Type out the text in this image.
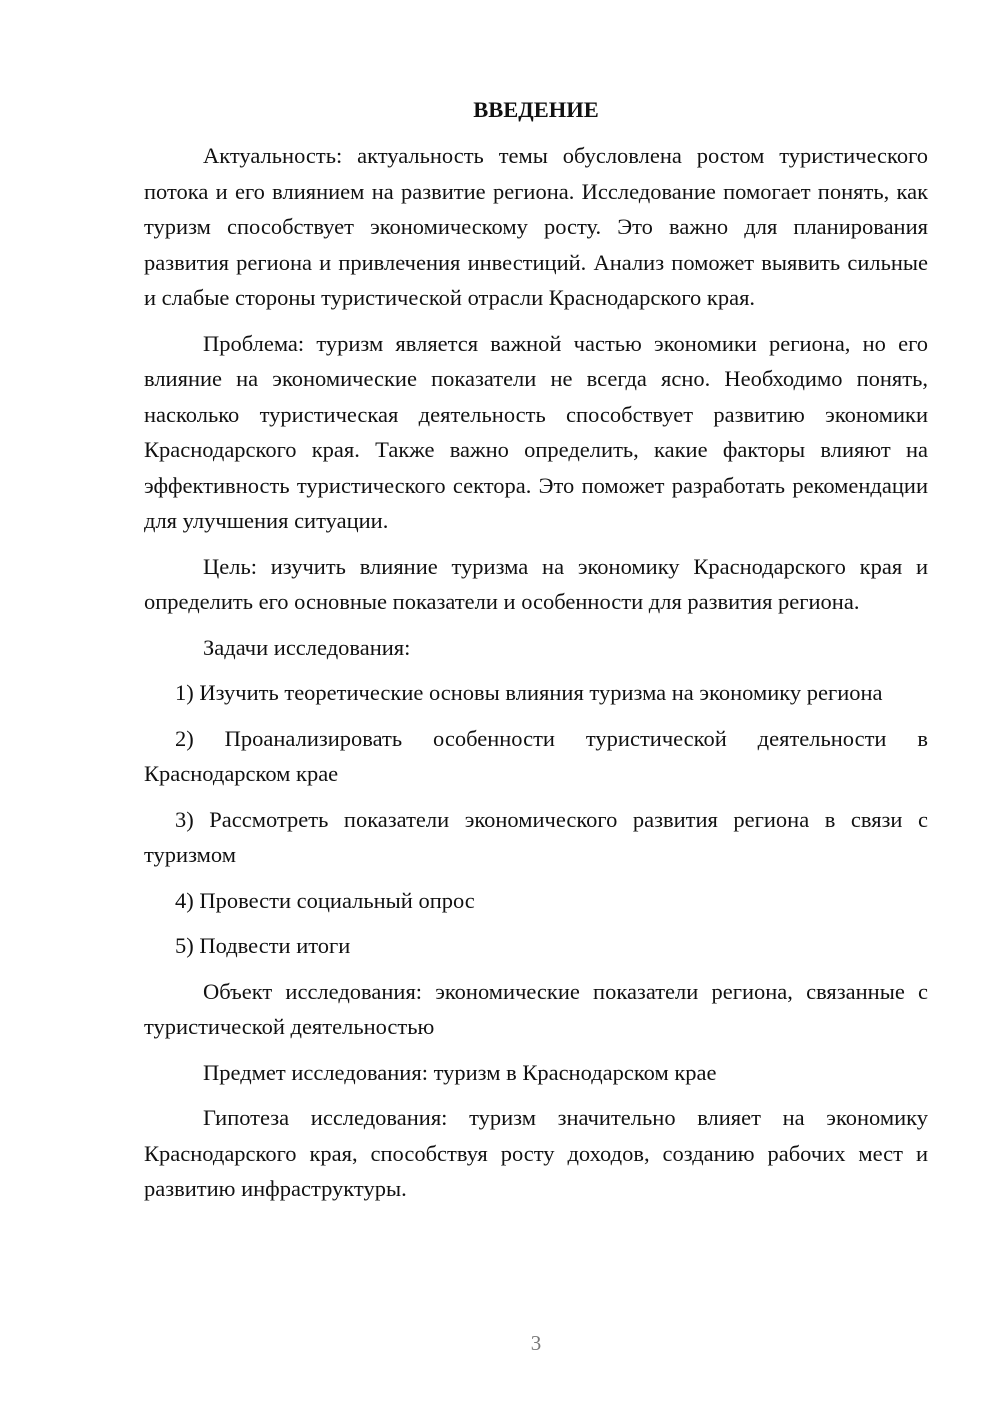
ВВЕДЕНИЕ

Актуальность: актуальность темы обусловлена ростом туристического потока и его влиянием на развитие региона. Исследование помогает понять, как туризм способствует экономическому росту. Это важно для планирования развития региона и привлечения инвестиций. Анализ поможет выявить сильные и слабые стороны туристической отрасли Краснодарского края.

Проблема: туризм является важной частью экономики региона, но его влияние на экономические показатели не всегда ясно. Необходимо понять, насколько туристическая деятельность способствует развитию экономики Краснодарского края. Также важно определить, какие факторы влияют на эффективность туристического сектора. Это поможет разработать рекомендации для улучшения ситуации.

Цель: изучить влияние туризма на экономику Краснодарского края и определить его основные показатели и особенности для развития региона.

Задачи исследования:

1) Изучить теоретические основы влияния туризма на экономику региона

2) Проанализировать особенности туристической деятельности в Краснодарском крае

3) Рассмотреть показатели экономического развития региона в связи с туризмом

4) Провести социальный опрос

5) Подвести итоги

Объект исследования: экономические показатели региона, связанные с туристической деятельностью

Предмет исследования: туризм в Краснодарском крае

Гипотеза исследования: туризм значительно влияет на экономику Краснодарского края, способствуя росту доходов, созданию рабочих мест и развитию инфраструктуры.

3
